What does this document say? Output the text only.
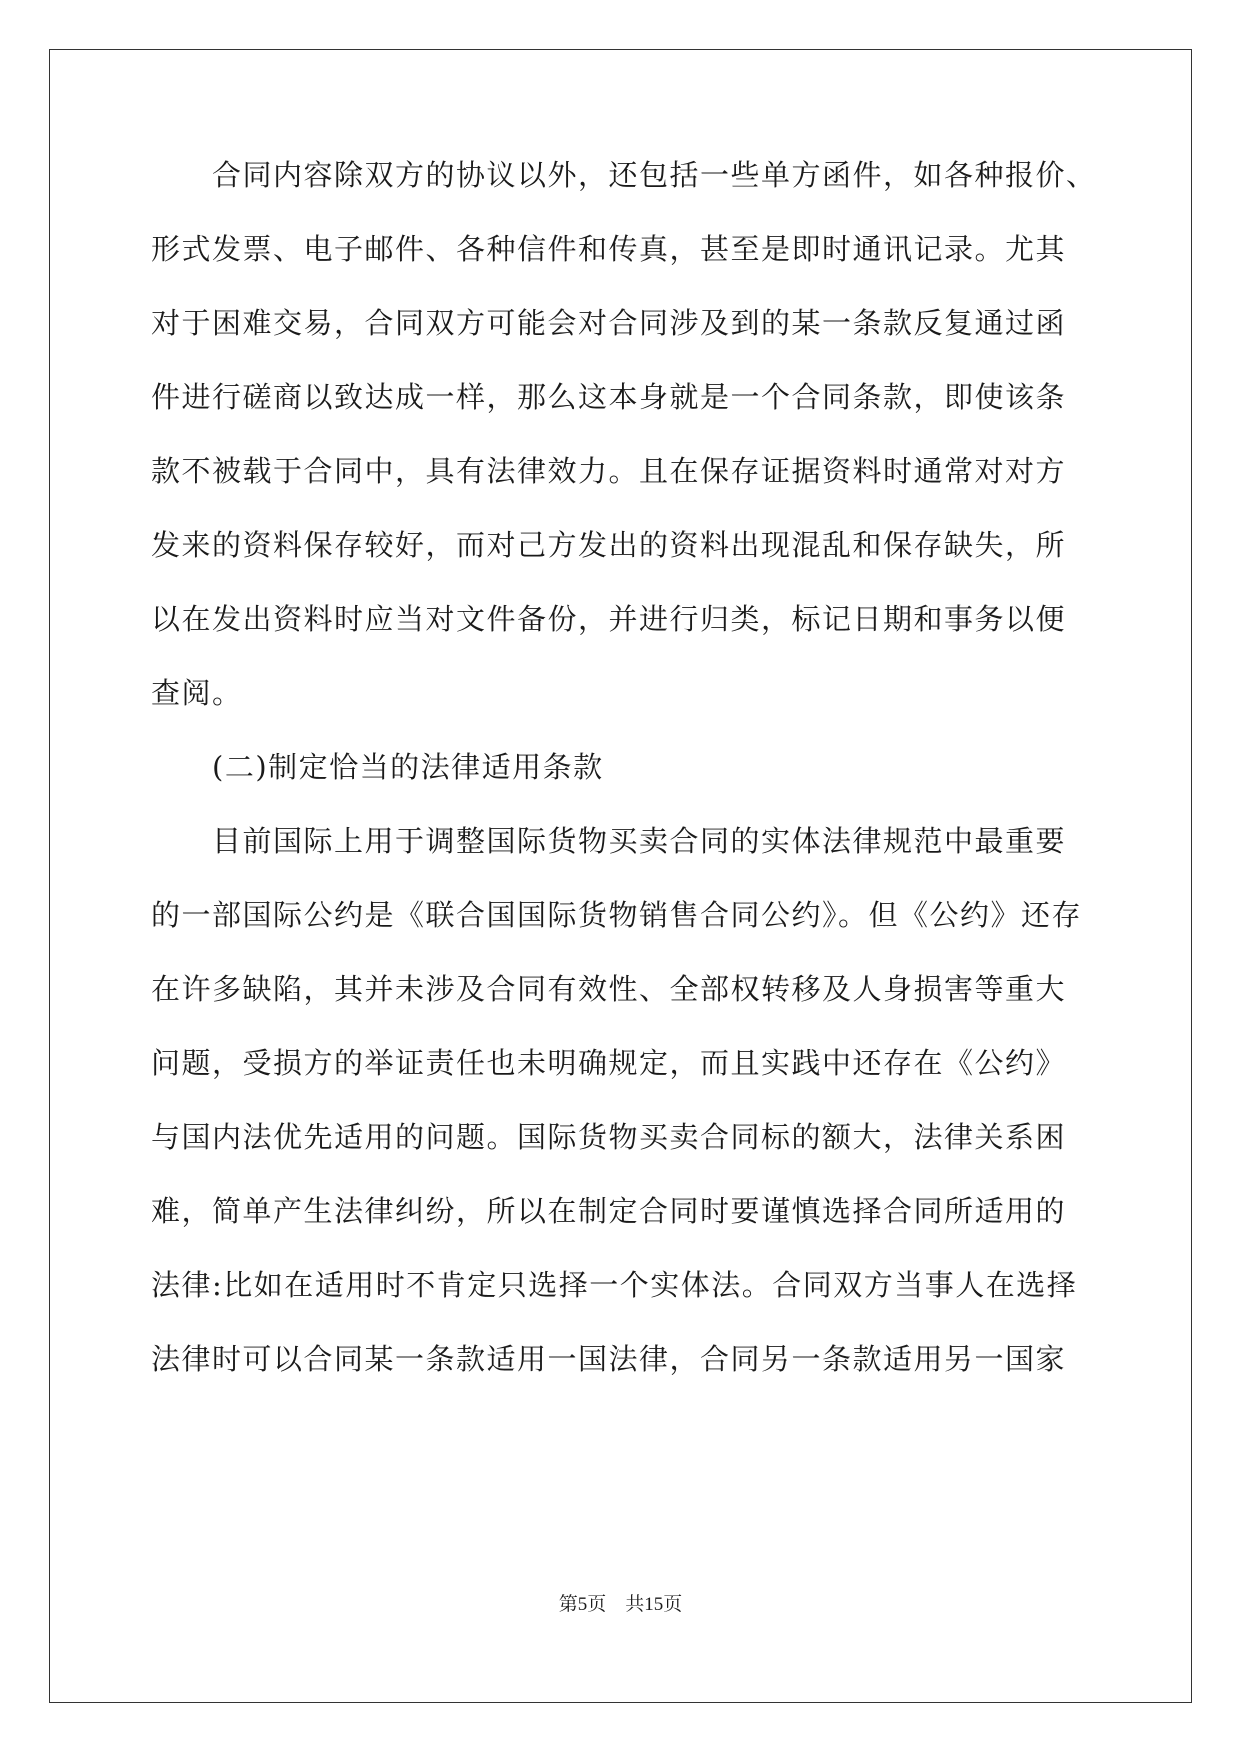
　　合同内容除双方的协议以外，还包括一些单方函件，如各种报价、
形式发票、电子邮件、各种信件和传真，甚至是即时通讯记录。尤其
对于困难交易，合同双方可能会对合同涉及到的某一条款反复通过函
件进行磋商以致达成一样，那么这本身就是一个合同条款，即使该条
款不被载于合同中，具有法律效力。且在保存证据资料时通常对对方
发来的资料保存较好，而对己方发出的资料出现混乱和保存缺失，所
以在发出资料时应当对文件备份，并进行归类，标记日期和事务以便
查阅。
　　(二)制定恰当的法律适用条款
　　目前国际上用于调整国际货物买卖合同的实体法律规范中最重要
的一部国际公约是《联合国国际货物销售合同公约》。但《公约》还存
在许多缺陷，其并未涉及合同有效性、全部权转移及人身损害等重大
问题，受损方的举证责任也未明确规定，而且实践中还存在《公约》
与国内法优先适用的问题。国际货物买卖合同标的额大，法律关系困
难，简单产生法律纠纷，所以在制定合同时要谨慎选择合同所适用的
法律:比如在适用时不肯定只选择一个实体法。合同双方当事人在选择
法律时可以合同某一条款适用一国法律，合同另一条款适用另一国家
第5页　共15页
